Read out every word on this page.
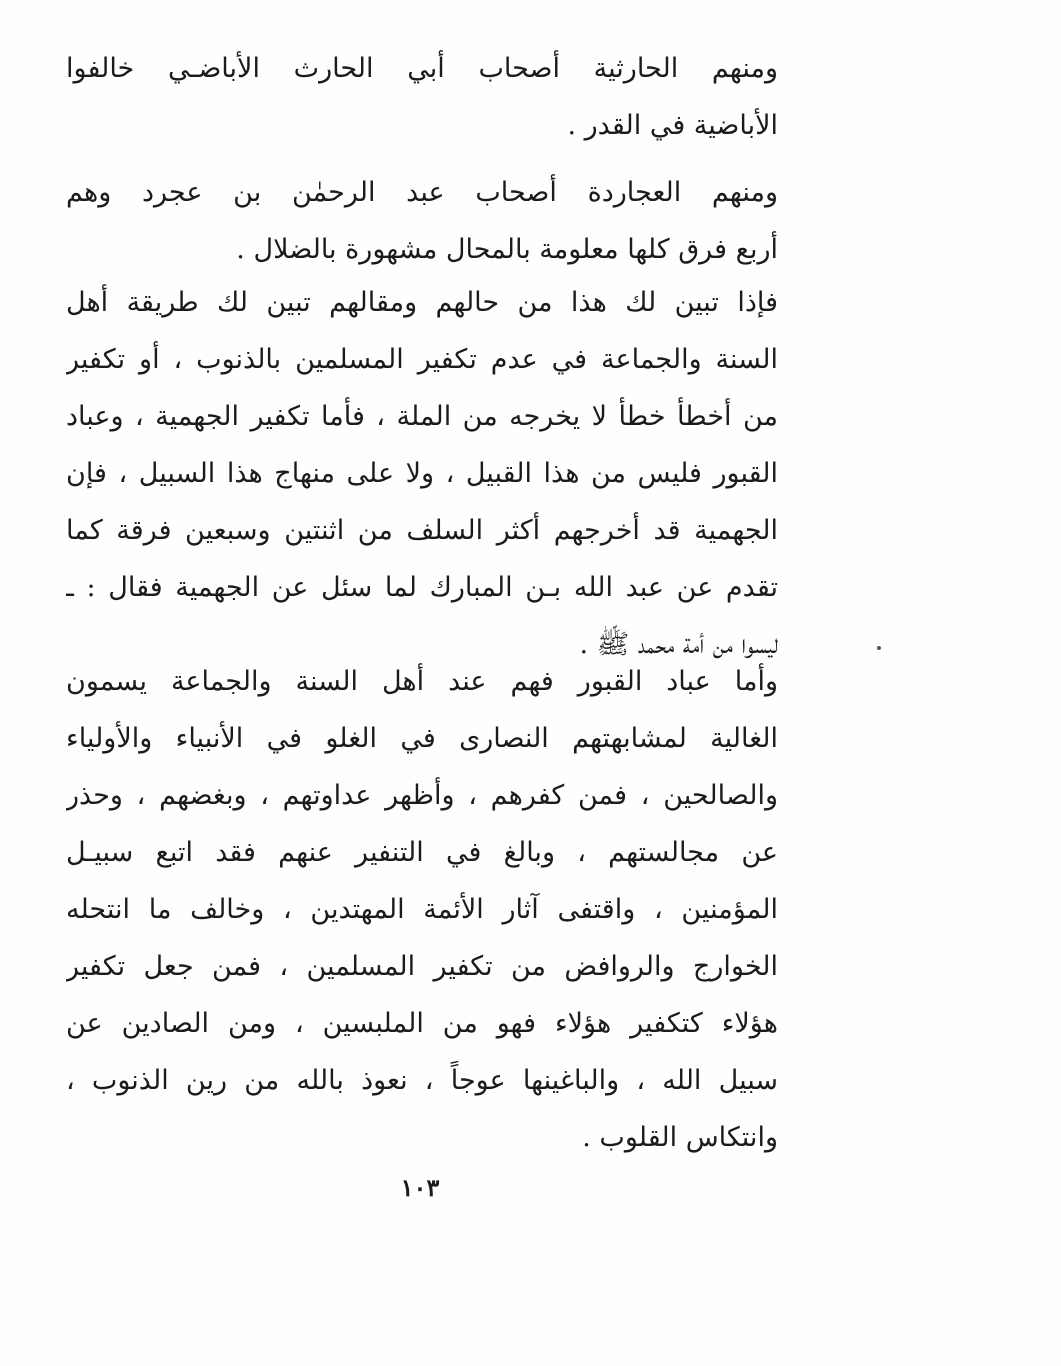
ومنهم الحارثية أصحاب أبي الحارث الأباضـي خالفوا
الأباضية في القدر .
ومنهم العجاردة أصحاب عبد الرحمٰن بن عجرد وهم
أربع فرق كلها معلومة بالمحال مشهورة بالضلال .
فإذا تبين لك هذا من حالهم ومقالهم تبين لك طريقة أهل
السنة والجماعة في عدم تكفير المسلمين بالذنوب ، أو تكفير
من أخطأ خطأ لا يخرجه من الملة ، فأما تكفير الجهمية ، وعباد
القبور فليس من هذا القبيل ، ولا على منهاج هذا السبيل ، فإن
الجهمية قد أخرجهم أكثر السلف من اثنتين وسبعين فرقة كما
تقدم عن عبد الله بـن المبارك لما سئل عن الجهمية فقال : ـ
ليسوا من أمة محمد ﷺ .
وأما عباد القبور فهم عند أهل السنة والجماعة يسمون
الغالية لمشابهتهم النصارى في الغلو في الأنبياء والأولياء
والصالحين ، فمن كفرهم ، وأظهر عداوتهم ، وبغضهم ، وحذر
عن مجالستهم ، وبالغ في التنفير عنهم فقد اتبع سبيـل
المؤمنين ، واقتفى آثار الأئمة المهتدين ، وخالف ما انتحله
الخوارج والروافض من تكفير المسلمين ، فمن جعل تكفير
هؤلاء كتكفير هؤلاء فهو من الملبسين ، ومن الصادين عن
سبيل الله ، والباغينها عوجاً ، نعوذ بالله من رين الذنوب ،
وانتكاس القلوب .
١٠٣
